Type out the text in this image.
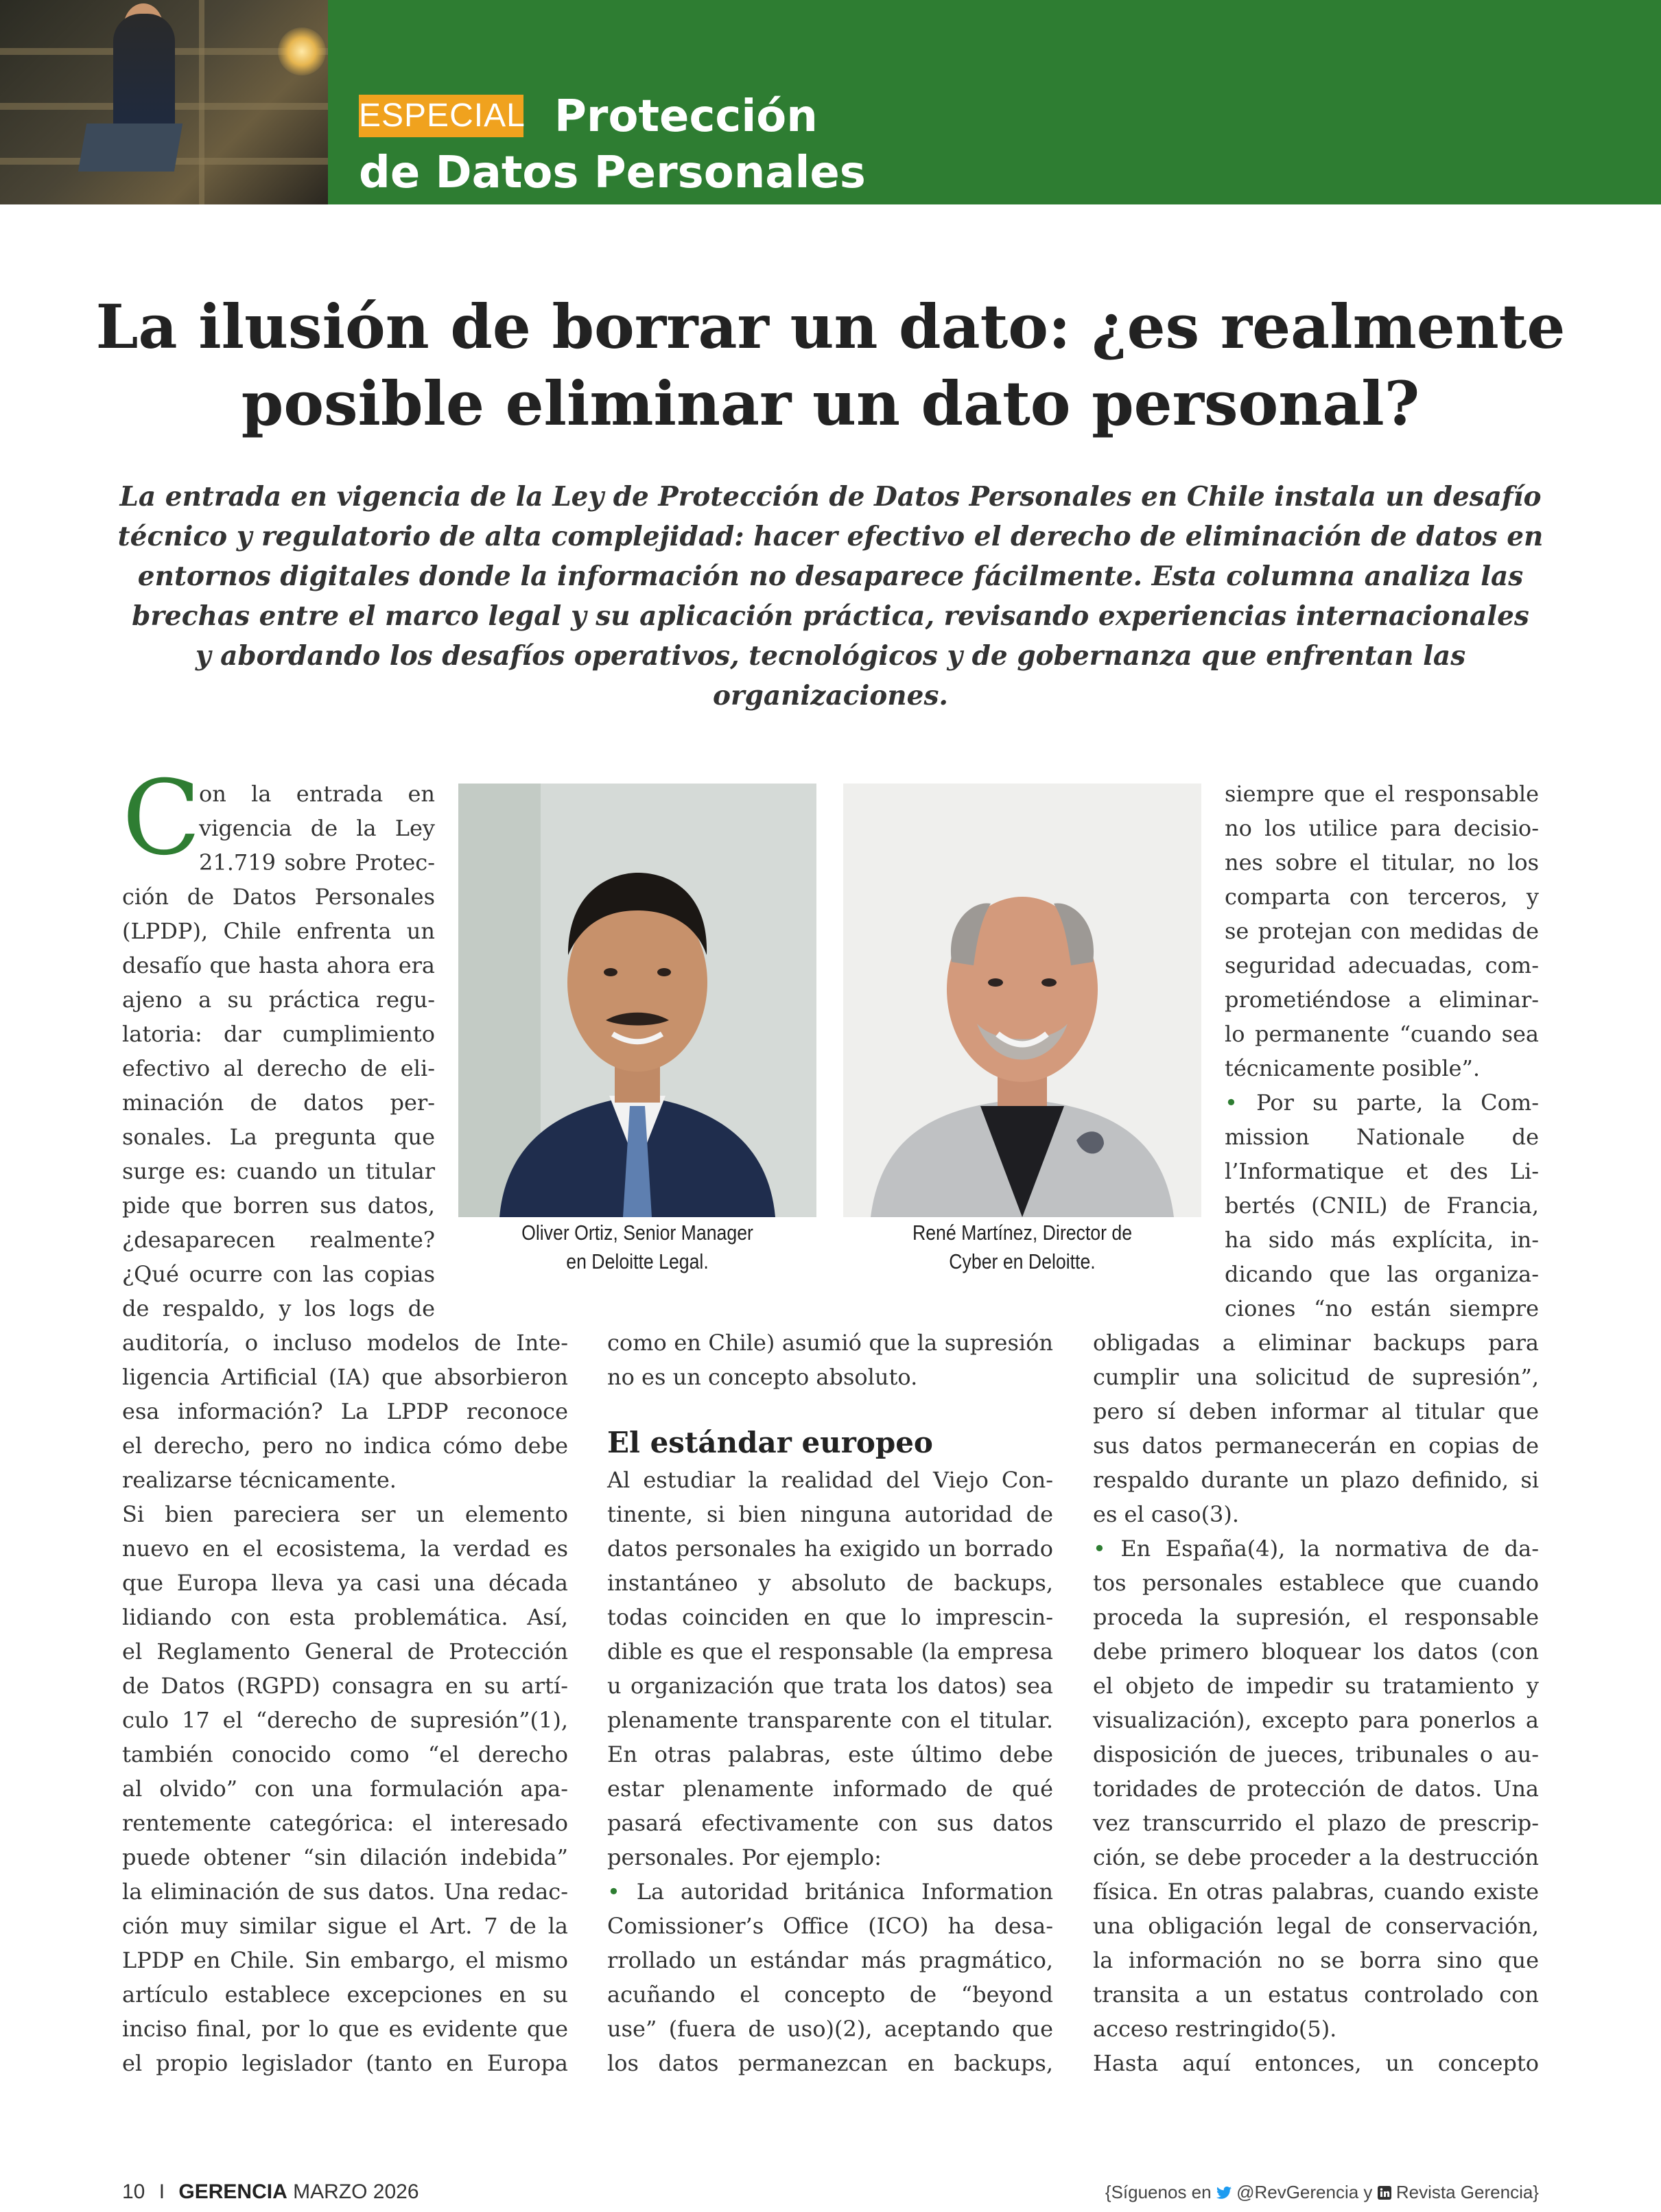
ESPECIAL Protección
de Datos Personales
La ilusión de borrar un dato: ¿es realmente
posible eliminar un dato personal?
La entrada en vigencia de la Ley de Protección de Datos Personales en Chile instala un desafío
técnico y regulatorio de alta complejidad: hacer efectivo el derecho de eliminación de datos en
entornos digitales donde la información no desaparece fácilmente. Esta columna analiza las
brechas entre el marco legal y su aplicación práctica, revisando experiencias internacionales
y abordando los desafíos operativos, tecnológicos y de gobernanza que enfrentan las
organizaciones.
C

on la entrada en

vigencia de la Ley

21.719 sobre Protec-

ción de Datos Personales

(LPDP), Chile enfrenta un

desafío que hasta ahora era

ajeno a su práctica regu-

latoria: dar cumplimiento

efectivo al derecho de eli-

minación de datos per-

sonales. La pregunta que

surge es: cuando un titular

pide que borren sus datos,

¿desaparecen realmente?

¿Qué ocurre con las copias

de respaldo, y los logs de

auditoría, o incluso modelos de Inte-

ligencia Artificial (IA) que absorbieron

esa información? La LPDP reconoce

el derecho, pero no indica cómo debe

realizarse técnicamente.

Si bien pareciera ser un elemento

nuevo en el ecosistema, la verdad es

que Europa lleva ya casi una década

lidiando con esta problemática. Así,

el Reglamento General de Protección

de Datos (RGPD) consagra en su artí-

culo 17 el “derecho de supresión”(1),

también conocido como “el derecho

al olvido” con una formulación apa-

rentemente categórica: el interesado

puede obtener “sin dilación indebida”

la eliminación de sus datos. Una redac-

ción muy similar sigue el Art. 7 de la

LPDP en Chile. Sin embargo, el mismo

artículo establece excepciones en su

inciso final, por lo que es evidente que

el propio legislador (tanto en Europa

Oliver Ortiz, Senior Manager
en Deloitte Legal.
René Martínez, Director de
Cyber en Deloitte.

como en Chile) asumió que la supresión

no es un concepto absoluto.

El estándar europeo

Al estudiar la realidad del Viejo Con-

tinente, si bien ninguna autoridad de

datos personales ha exigido un borrado

instantáneo y absoluto de backups,

todas coinciden en que lo imprescin-

dible es que el responsable (la empresa

u organización que trata los datos) sea

plenamente transparente con el titular.

En otras palabras, este último debe

estar plenamente informado de qué

pasará efectivamente con sus datos

personales. Por ejemplo:

• La autoridad británica Information

Comissioner’s Office (ICO) ha desa-

rrollado un estándar más pragmático,

acuñando el concepto de “beyond

use” (fuera de uso)(2), aceptando que

los datos permanezcan en backups,

siempre que el responsable

no los utilice para decisio-

nes sobre el titular, no los

comparta con terceros, y

se protejan con medidas de

seguridad adecuadas, com-

prometiéndose a eliminar-

lo permanente “cuando sea

técnicamente posible”.

• Por su parte, la Com-

mission Nationale de

l’Informatique et des Li-

bertés (CNIL) de Francia,

ha sido más explícita, in-

dicando que las organiza-

ciones “no están siempre

obligadas a eliminar backups para

cumplir una solicitud de supresión”,

pero sí deben informar al titular que

sus datos permanecerán en copias de

respaldo durante un plazo definido, si

es el caso(3).

• En España(4), la normativa de da-

tos personales establece que cuando

proceda la supresión, el responsable

debe primero bloquear los datos (con

el objeto de impedir su tratamiento y

visualización), excepto para ponerlos a

disposición de jueces, tribunales o au-

toridades de protección de datos. Una

vez transcurrido el plazo de prescrip-

ción, se debe proceder a la destrucción

física. En otras palabras, cuando existe

una obligación legal de conservación,

la información no se borra sino que

transita a un estatus controlado con

acceso restringido(5).

Hasta aquí entonces, un concepto

10 I GERENCIA MARZO 2026	{Síguenos en @RevGerencia y Revista Gerencia}
